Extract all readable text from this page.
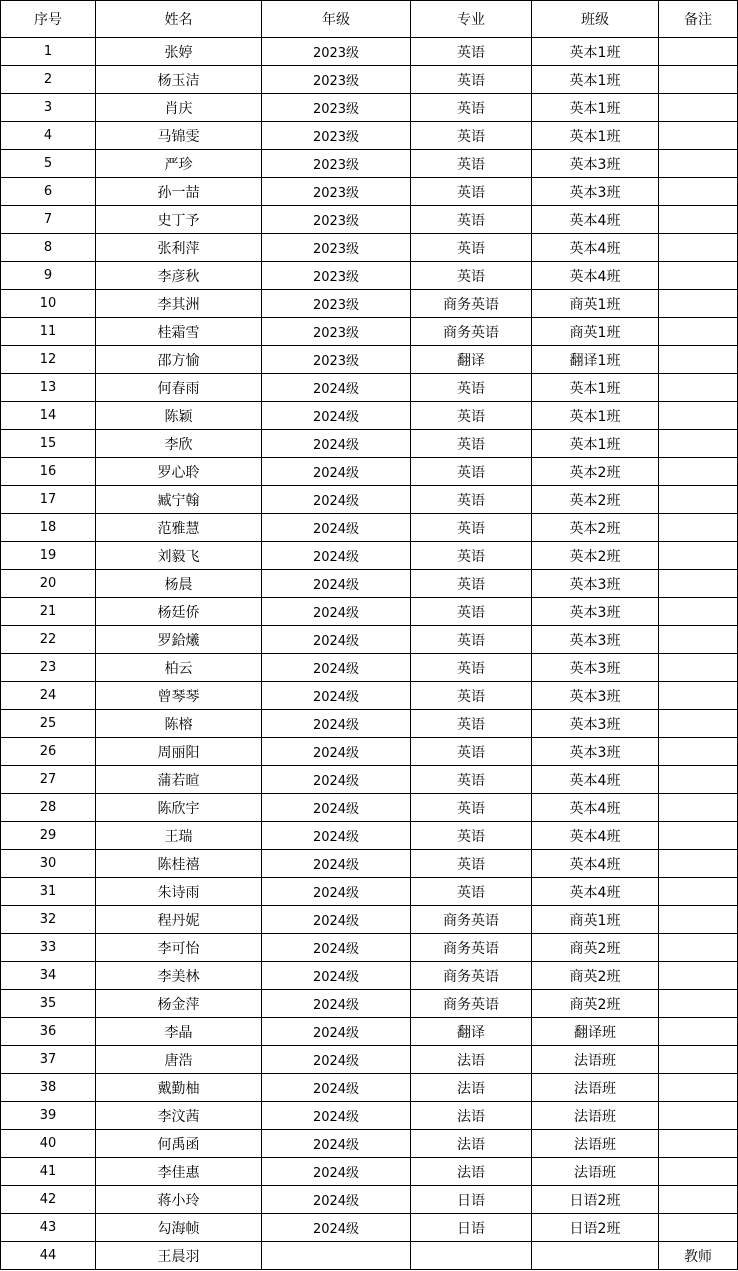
序号	姓名	年级	专业	班级	备注
1	张婷	2023级	英语	英本1班	
2	杨玉洁	2023级	英语	英本1班	
3	肖庆	2023级	英语	英本1班	
4	马锦雯	2023级	英语	英本1班	
5	严珍	2023级	英语	英本3班	
6	孙一喆	2023级	英语	英本3班	
7	史丁予	2023级	英语	英本4班	
8	张利萍	2023级	英语	英本4班	
9	李彦秋	2023级	英语	英本4班	
10	李其洲	2023级	商务英语	商英1班	
11	桂霜雪	2023级	商务英语	商英1班	
12	邵方愉	2023级	翻译	翻译1班	
13	何春雨	2024级	英语	英本1班	
14	陈颖	2024级	英语	英本1班	
15	李欣	2024级	英语	英本1班	
16	罗心聆	2024级	英语	英本2班	
17	臧宁翰	2024级	英语	英本2班	
18	范雅慧	2024级	英语	英本2班	
19	刘毅飞	2024级	英语	英本2班	
20	杨晨	2024级	英语	英本3班	
21	杨廷侨	2024级	英语	英本3班	
22	罗鉿爔	2024级	英语	英本3班	
23	柏云	2024级	英语	英本3班	
24	曾琴琴	2024级	英语	英本3班	
25	陈榕	2024级	英语	英本3班	
26	周丽阳	2024级	英语	英本3班	
27	蒲若暄	2024级	英语	英本4班	
28	陈欣宇	2024级	英语	英本4班	
29	王瑞	2024级	英语	英本4班	
30	陈桂禧	2024级	英语	英本4班	
31	朱诗雨	2024级	英语	英本4班	
32	程丹妮	2024级	商务英语	商英1班	
33	李可怡	2024级	商务英语	商英2班	
34	李美林	2024级	商务英语	商英2班	
35	杨金萍	2024级	商务英语	商英2班	
36	李晶	2024级	翻译	翻译班	
37	唐浩	2024级	法语	法语班	
38	戴勤柚	2024级	法语	法语班	
39	李汶茜	2024级	法语	法语班	
40	何禹函	2024级	法语	法语班	
41	李佳惠	2024级	法语	法语班	
42	蒋小玲	2024级	日语	日语2班	
43	勾海帧	2024级	日语	日语2班	
44	王晨羽				教师
